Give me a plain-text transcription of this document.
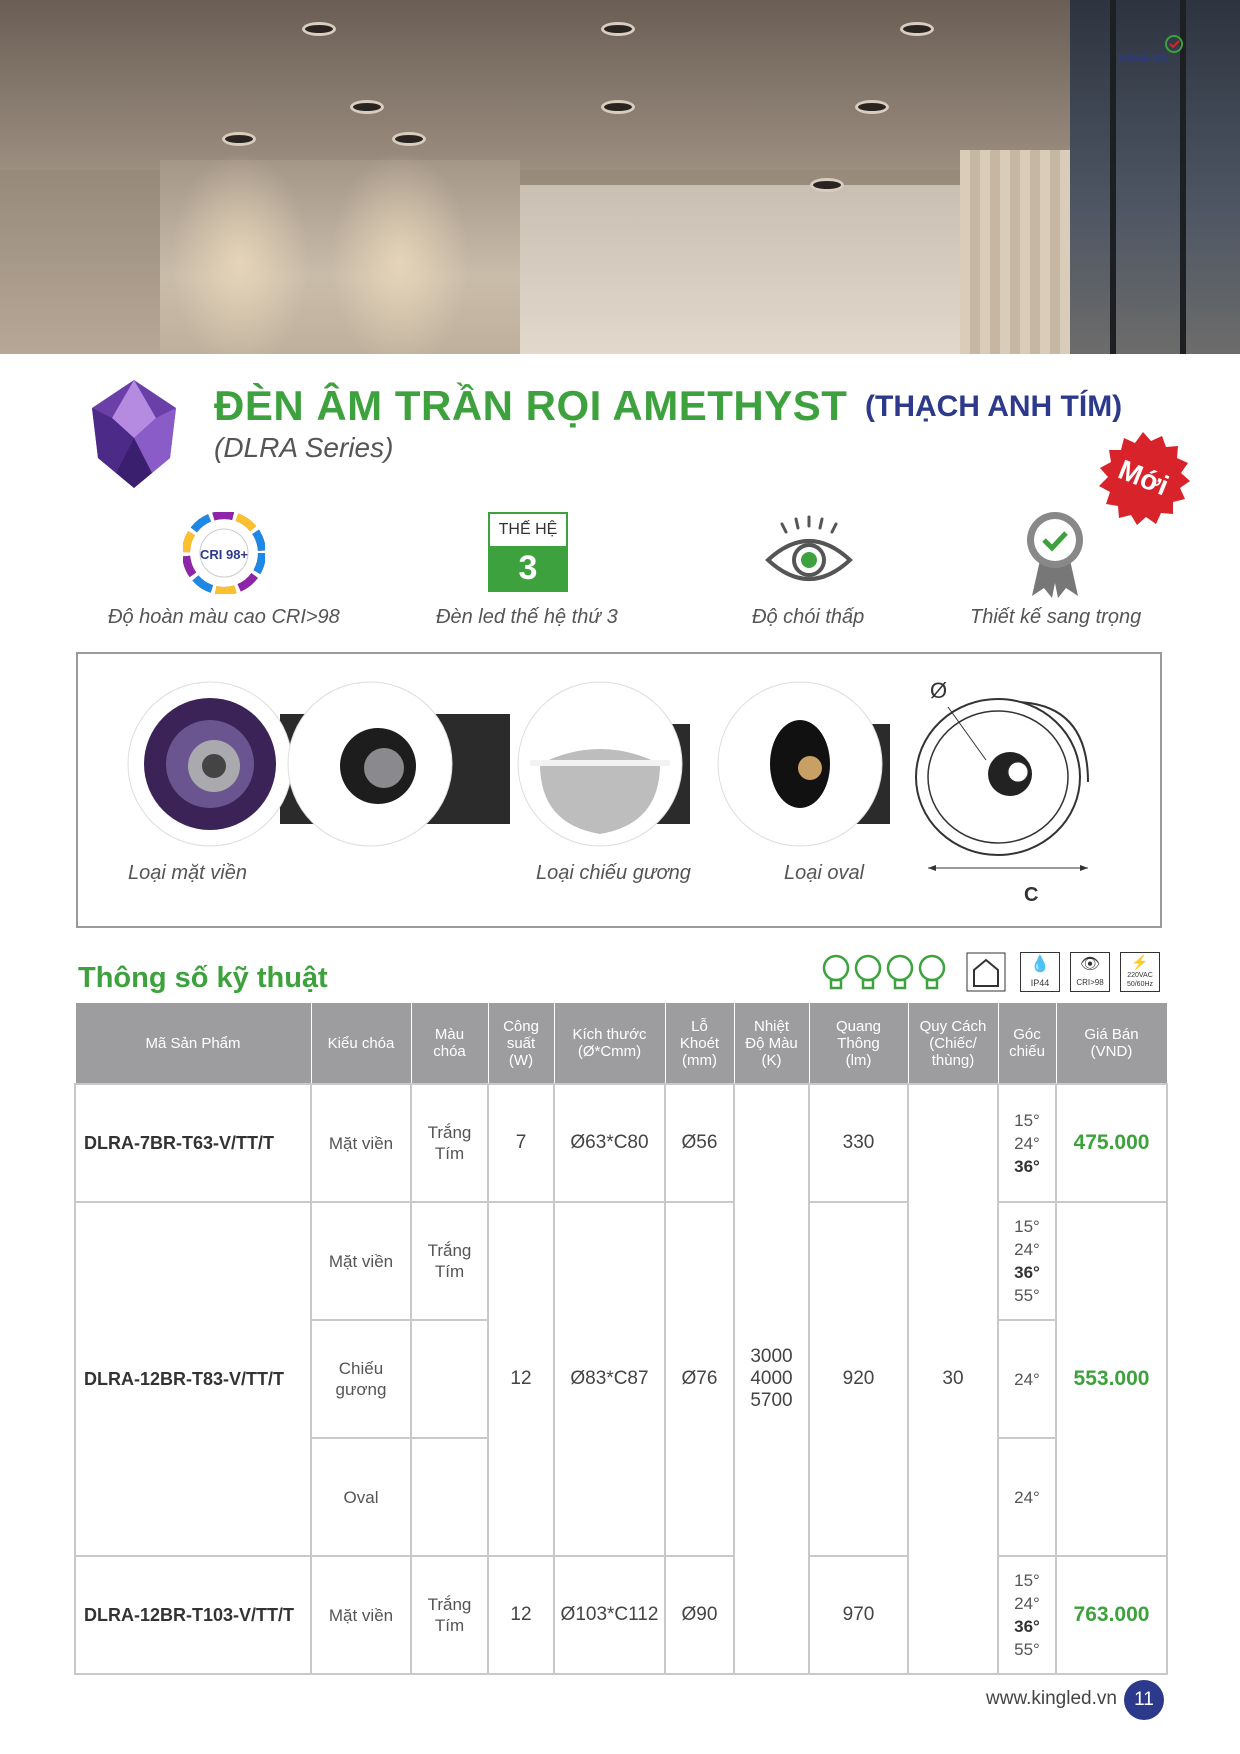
KINGLED
ĐÈN ÂM TRẦN RỌI AMETHYST (THẠCH ANH TÍM)
(DLRA Series)
Mới
CRI 98+
Độ hoàn màu cao CRI>98
THẾ HỆ
3
Đèn led thế hệ thứ 3	Độ chói thấp	Thiết kế sang trọng
Loại mặt viền	Loại chiếu gương	Loại oval
Ø
C
Thông số kỹ thuật	💧
IP44
👁
CRI>98
⚡
220VAC
50/60Hz
Mã Sản Phẩm	Kiểu chóa	Màu
chóa	Công
suất
(W)	Kích thước
(Ø*Cmm)	Lỗ
Khoét
(mm)	Nhiệt
Độ Màu
(K)	Quang
Thông
(lm)	Quy Cách
(Chiếc/
thùng)	Góc
chiếu	Giá Bán
(VND)

DLRA-7BR-T63-V/TT/T	Mặt viền	Trắng
Tím	7	Ø63*C80	Ø56	3000
4000
5700	330	30	15°
24°
36°	475.000
DLRA-12BR-T83-V/TT/T	Mặt viền	Trắng
Tím	12	Ø83*C87	Ø76		920		15°
24°
36°
55°	553.000

	Chiếu
gương								24°	
	Oval								24°	
DLRA-12BR-T103-V/TT/T	Mặt viền	Trắng
Tím	12	Ø103*C112	Ø90		970		15°
24°
36°
55°	763.000
www.kingled.vn 11
